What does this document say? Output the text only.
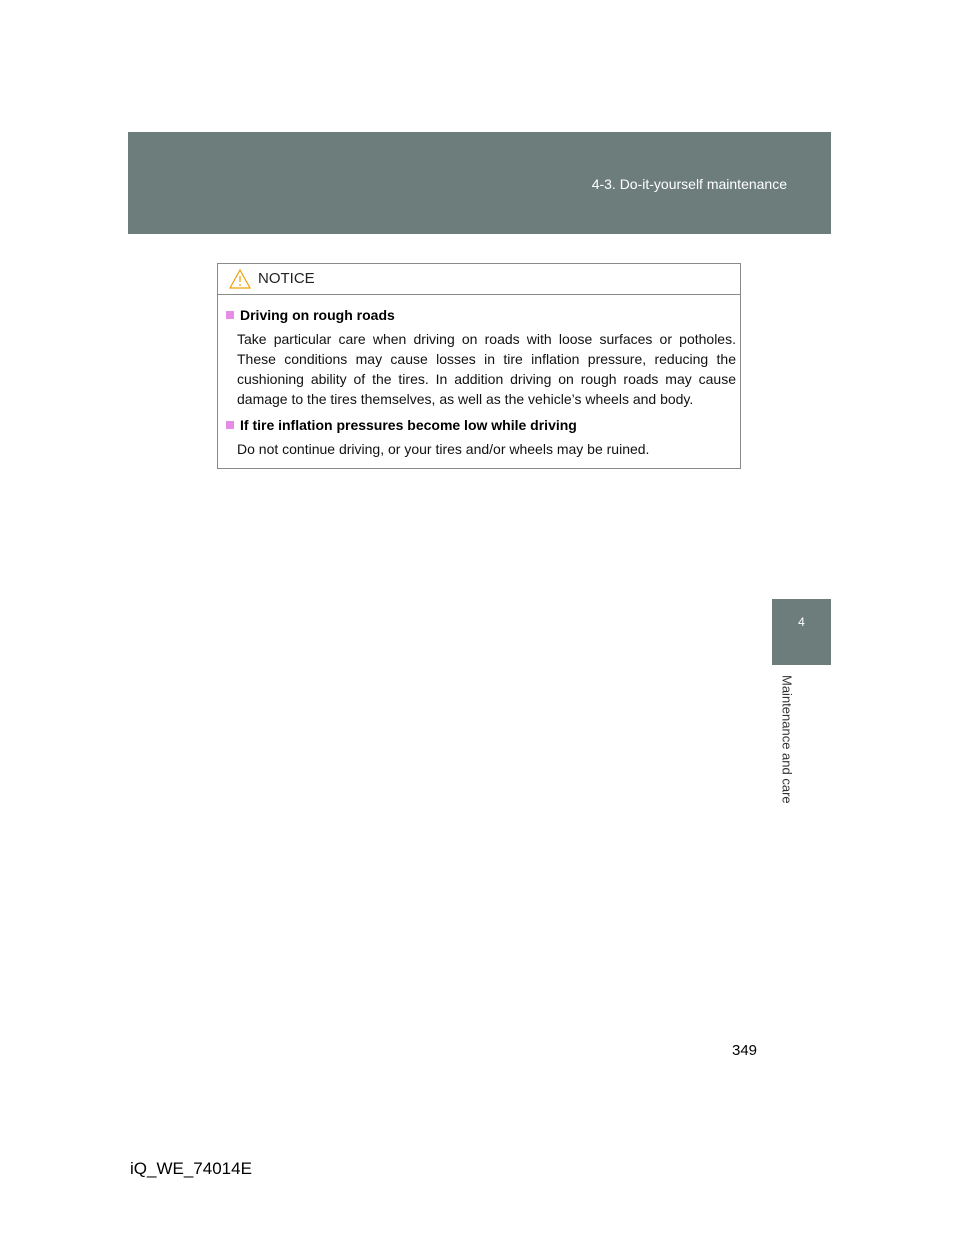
4-3. Do-it-yourself maintenance
4
Maintenance and care
NOTICE
Driving on rough roads
Take particular care when driving on roads with loose surfaces or potholes. These conditions may cause losses in tire inflation pressure, reducing the cushioning ability of the tires. In addition driving on rough roads may cause damage to the tires themselves, as well as the vehicle’s wheels and body.
If tire inflation pressures become low while driving
Do not continue driving, or your tires and/or wheels may be ruined.
349
iQ_WE_74014E
